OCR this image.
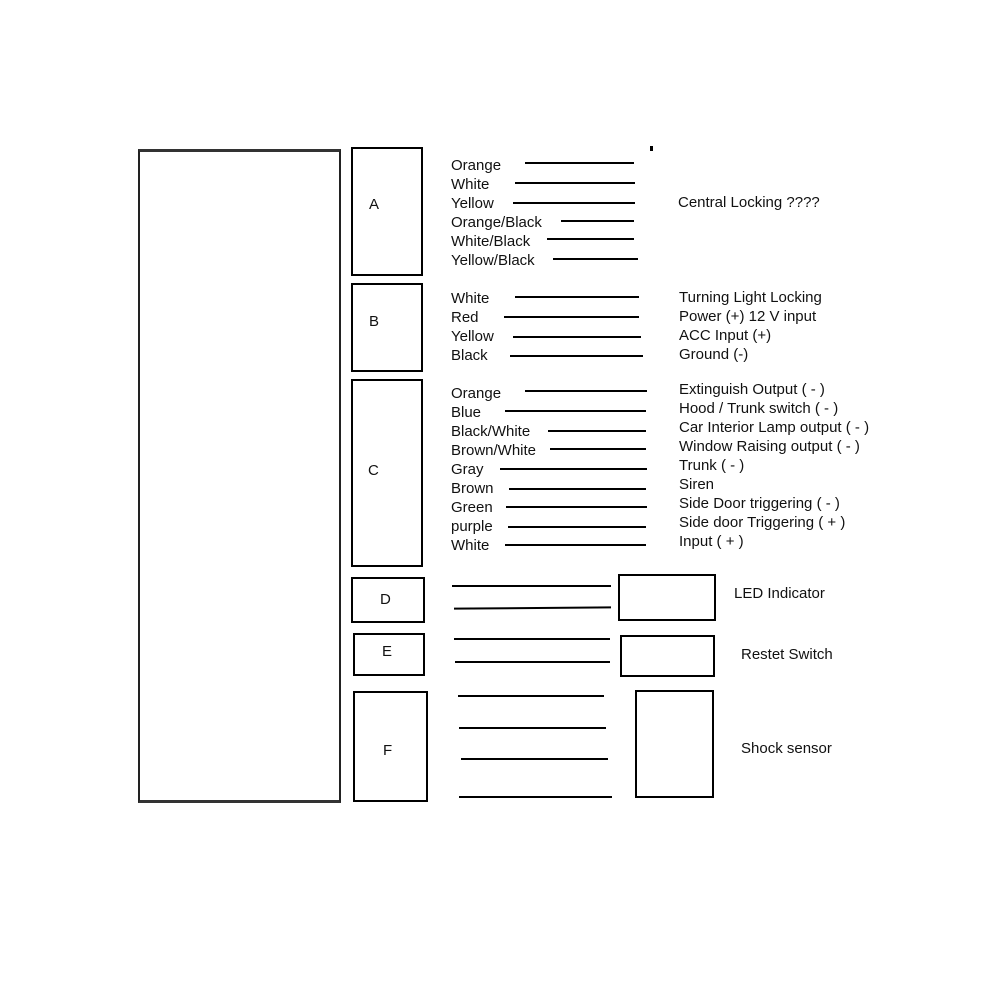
A
B
C
D
E
F
Orange
White
Yellow
Orange/Black
White/Black
Yellow/Black
Central Locking ????
White	Turning Light Locking
Red	Power (+) 12 V input
Yellow	ACC Input (+)
Black	Ground (-)
Orange	Extinguish Output ( - )
Blue	Hood / Trunk switch ( - )
Black/White	Car Interior Lamp output ( - )
Brown/White	Window Raising output ( - )
Gray	Trunk ( - )
Brown	Siren
Green	Side Door triggering ( - )
purple	Side door Triggering ( + )
White	Input ( + )
LED Indicator
Restet Switch
Shock sensor
